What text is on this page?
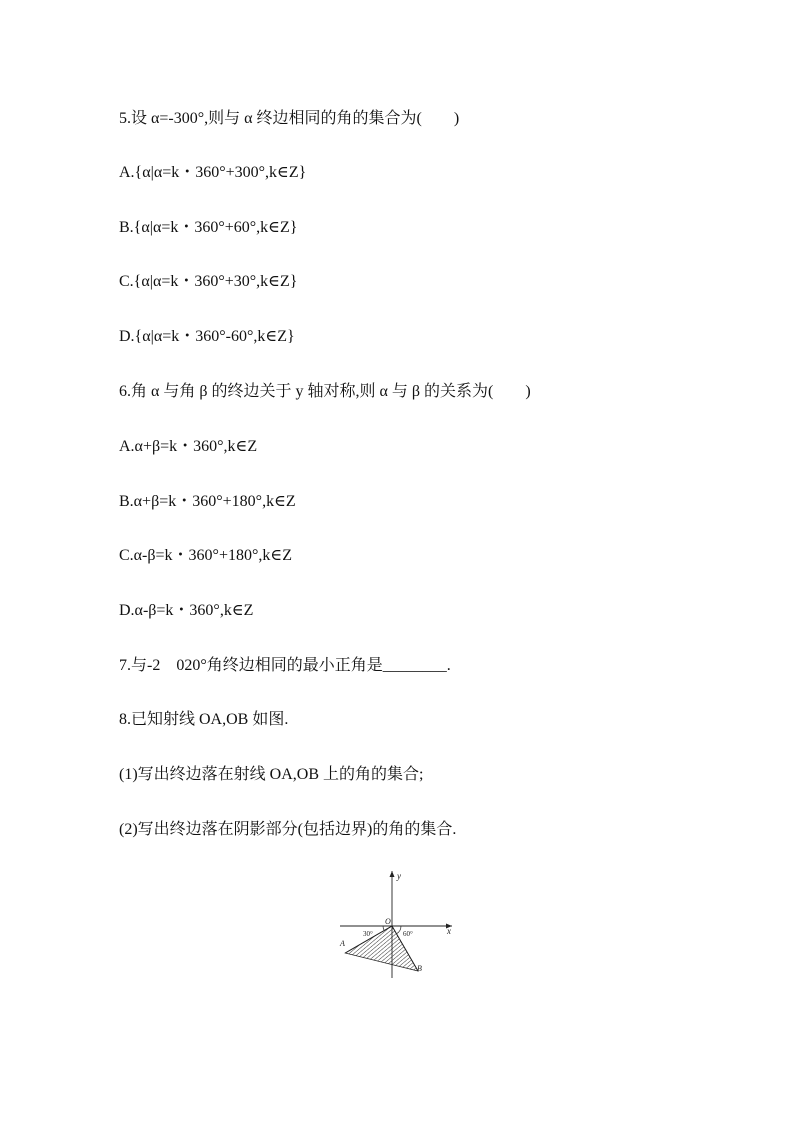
5.设 α=-300°,则与 α 终边相同的角的集合为(　　)
A.{α|α=k・360°+300°,k∈Z}
B.{α|α=k・360°+60°,k∈Z}
C.{α|α=k・360°+30°,k∈Z}
D.{α|α=k・360°-60°,k∈Z}
6.角 α 与角 β 的终边关于 y 轴对称,则 α 与 β 的关系为(　　)
A.α+β=k・360°,k∈Z
B.α+β=k・360°+180°,k∈Z
C.α-β=k・360°+180°,k∈Z
D.α-β=k・360°,k∈Z
7.与-2　020°角终边相同的最小正角是________.
8.已知射线 OA,OB 如图.
(1)写出终边落在射线 OA,OB 上的角的集合;
(2)写出终边落在阴影部分(包括边界)的角的集合.
x
y
O
A
B
30°	60°
